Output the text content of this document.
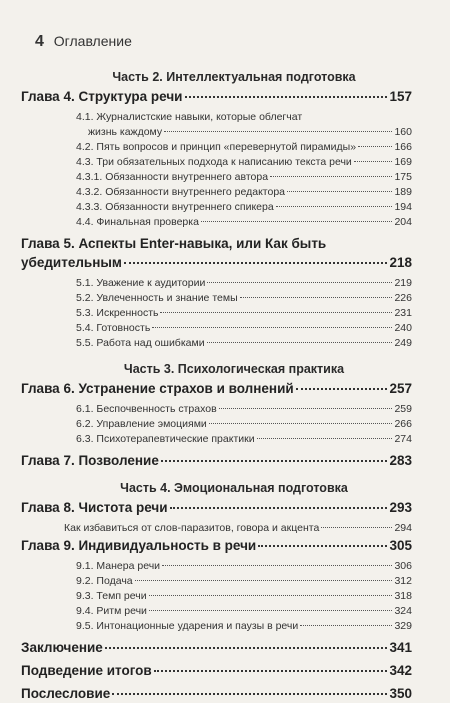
4 Оглавление
Часть 2. Интеллектуальная подготовка
Глава 4. Структура речи	157
4.1. Журналистские навыки, которые облегчат
жизнь каждому	160
4.2. Пять вопросов и принцип «перевернутой пирамиды»	166
4.3. Три обязательных подхода к написанию текста речи	169
4.3.1. Обязанности внутреннего автора	175
4.3.2. Обязанности внутреннего редактора	189
4.3.3. Обязанности внутреннего спикера	194
4.4. Финальная проверка	204
Глава 5. Аспекты Enter-навыка, или Как быть
убедительным	218
5.1. Уважение к аудитории	219
5.2. Увлеченность и знание темы	226
5.3. Искренность	231
5.4. Готовность	240
5.5. Работа над ошибками	249
Часть 3. Психологическая практика
Глава 6. Устранение страхов и волнений	257
6.1. Беспочвенность страхов	259
6.2. Управление эмоциями	266
6.3. Психотерапевтические практики	274
Глава 7. Позволение	283
Часть 4. Эмоциональная подготовка
Глава 8. Чистота речи	293
Как избавиться от слов-паразитов, говора и акцента	294
Глава 9. Индивидуальность в речи	305
9.1. Манера речи	306
9.2. Подача	312
9.3. Темп речи	318
9.4. Ритм речи	324
9.5. Интонационные ударения и паузы в речи	329
Заключение	341
Подведение итогов	342
Послесловие	350
